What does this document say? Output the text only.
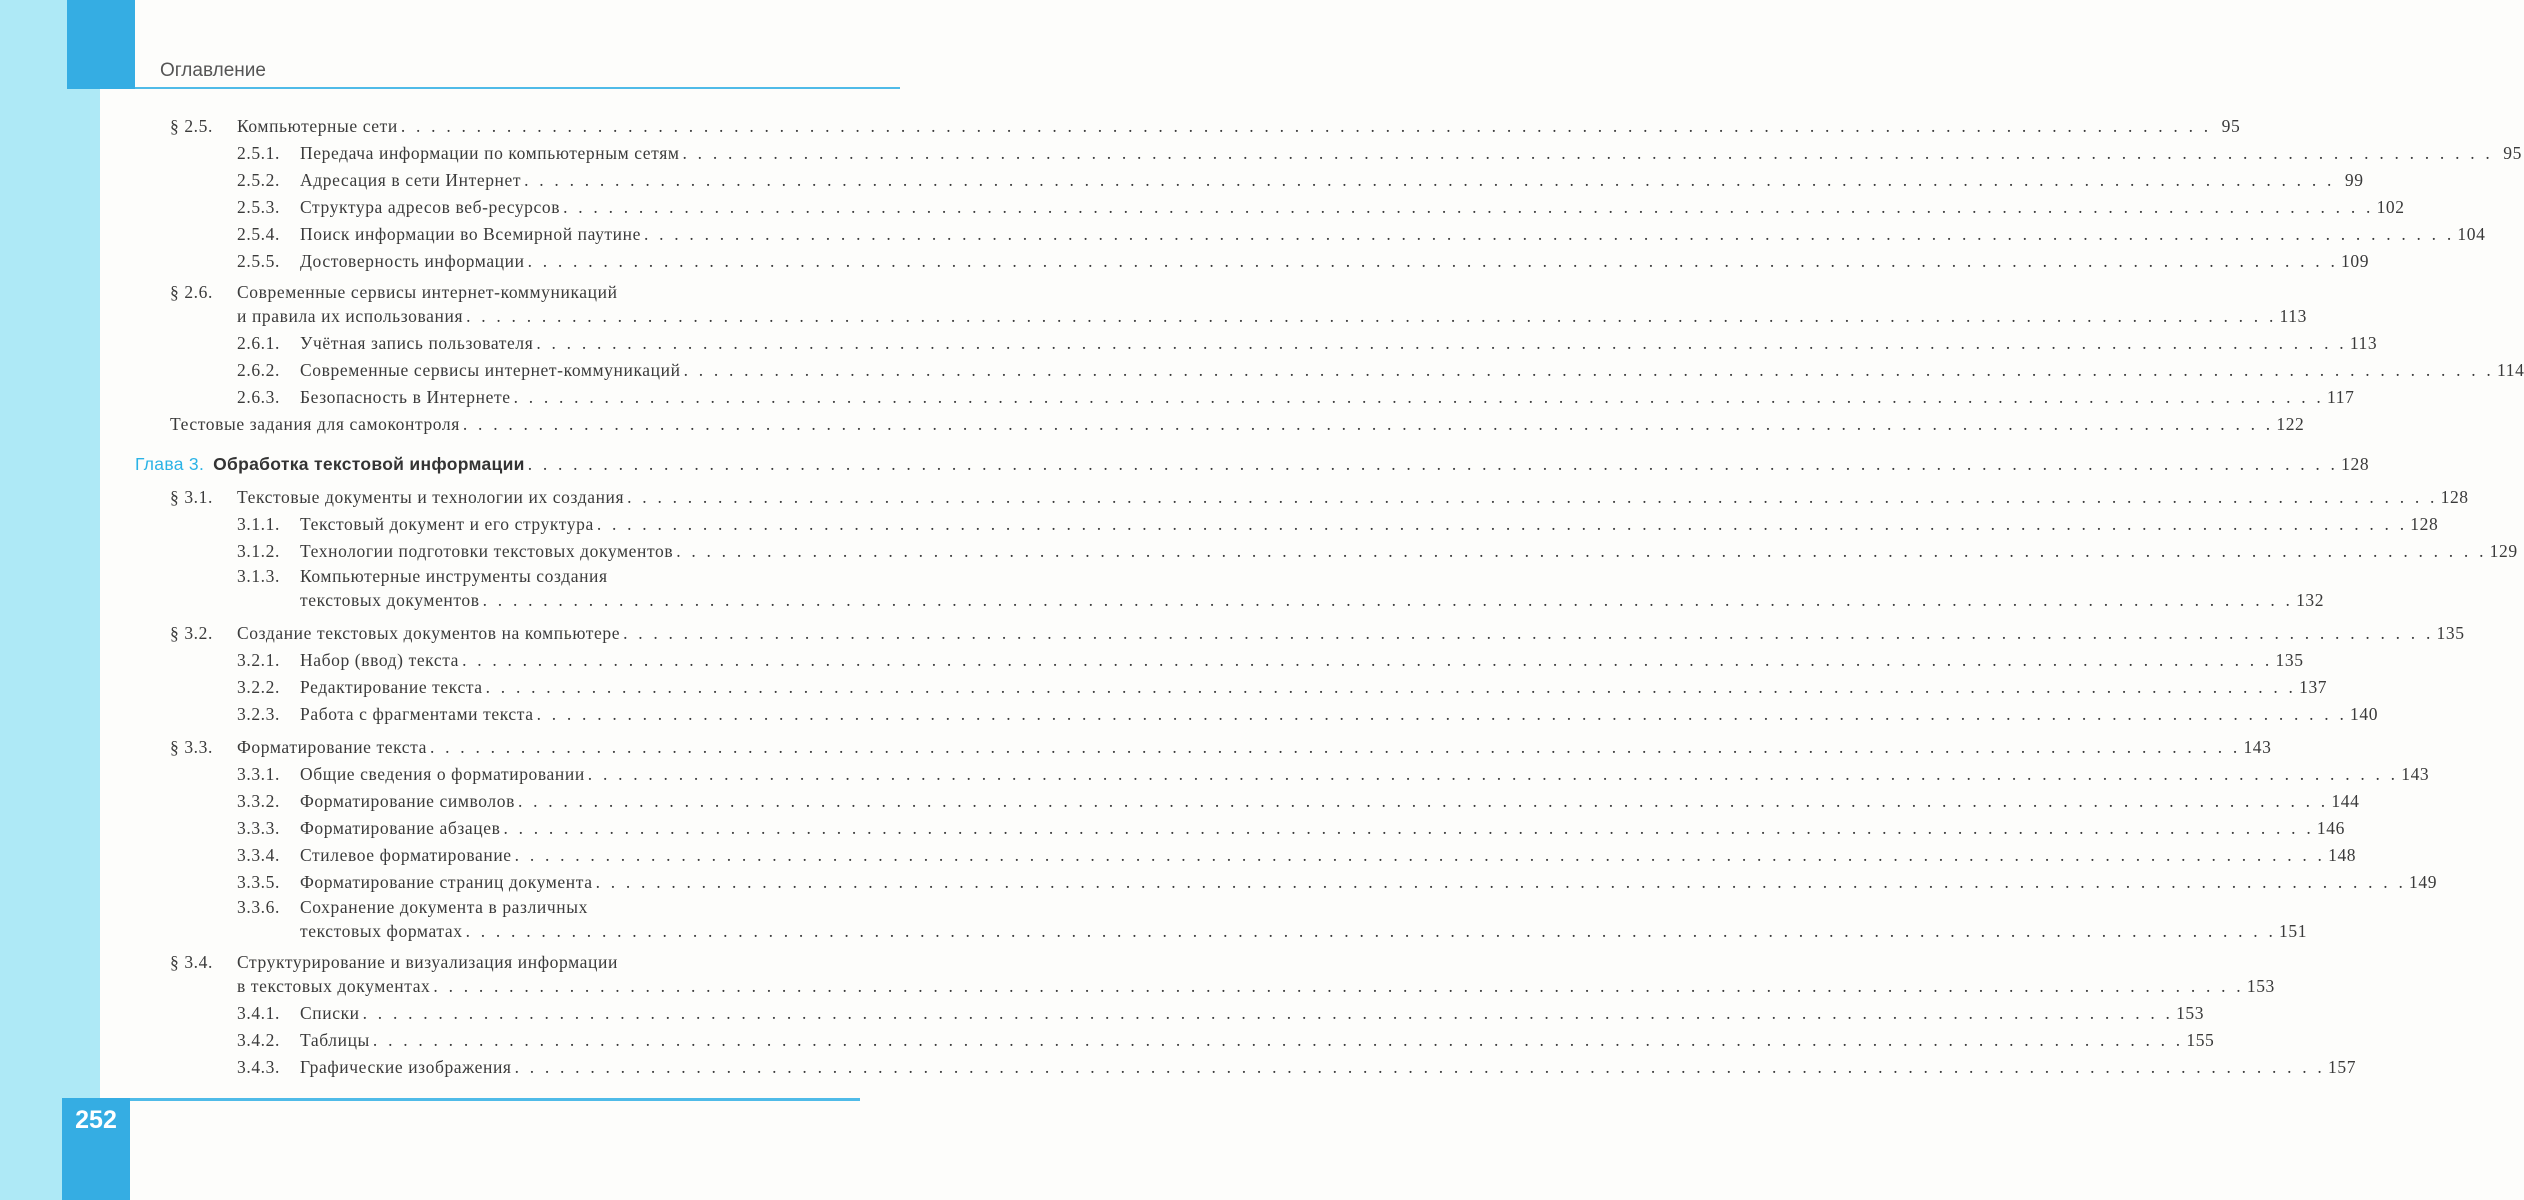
Оглавление
§ 2.5.	Компьютерные сети . . . . . . . . . . . . . . . . . . . . . . . . . . . . . . . . . . . . . . . . . . . . . . . . . . . . . . . . . . . . . . . . . . . . . . . . . . . . . . . . . . . . . . . . . . . . . . . . . . . . . . . . . . . . . . . . . . . . . . . . 95
2.5.1.	Передача информации по компьютерным сетям . . . . . . . . . . . . . . . . . . . . . . . . . . . . . . . . . . . . . . . . . . . . . . . . . . . . . . . . . . . . . . . . . . . . . . . . . . . . . . . . . . . . . . . . . . . . . . . . . . . . . . . . . . . . . . . . . . . . . . . . 95
2.5.2.	Адресация в сети Интернет . . . . . . . . . . . . . . . . . . . . . . . . . . . . . . . . . . . . . . . . . . . . . . . . . . . . . . . . . . . . . . . . . . . . . . . . . . . . . . . . . . . . . . . . . . . . . . . . . . . . . . . . . . . . . . . . . . . . . . . . 99
2.5.3.	Структура адресов веб-ресурсов . . . . . . . . . . . . . . . . . . . . . . . . . . . . . . . . . . . . . . . . . . . . . . . . . . . . . . . . . . . . . . . . . . . . . . . . . . . . . . . . . . . . . . . . . . . . . . . . . . . . . . . . . . . . . . . . . . . . . . . . 102
2.5.4.	Поиск информации во Всемирной паутине . . . . . . . . . . . . . . . . . . . . . . . . . . . . . . . . . . . . . . . . . . . . . . . . . . . . . . . . . . . . . . . . . . . . . . . . . . . . . . . . . . . . . . . . . . . . . . . . . . . . . . . . . . . . . . . . . . . . . . . . 104
2.5.5.	Достоверность информации . . . . . . . . . . . . . . . . . . . . . . . . . . . . . . . . . . . . . . . . . . . . . . . . . . . . . . . . . . . . . . . . . . . . . . . . . . . . . . . . . . . . . . . . . . . . . . . . . . . . . . . . . . . . . . . . . . . . . . . . 109
§ 2.6.	Современные сервисы интернет-коммуникаций
и правила их использования . . . . . . . . . . . . . . . . . . . . . . . . . . . . . . . . . . . . . . . . . . . . . . . . . . . . . . . . . . . . . . . . . . . . . . . . . . . . . . . . . . . . . . . . . . . . . . . . . . . . . . . . . . . . . . . . . . . . . . . . 113
2.6.1.	Учётная запись пользователя . . . . . . . . . . . . . . . . . . . . . . . . . . . . . . . . . . . . . . . . . . . . . . . . . . . . . . . . . . . . . . . . . . . . . . . . . . . . . . . . . . . . . . . . . . . . . . . . . . . . . . . . . . . . . . . . . . . . . . . . 113
2.6.2.	Современные сервисы интернет-коммуникаций . . . . . . . . . . . . . . . . . . . . . . . . . . . . . . . . . . . . . . . . . . . . . . . . . . . . . . . . . . . . . . . . . . . . . . . . . . . . . . . . . . . . . . . . . . . . . . . . . . . . . . . . . . . . . . . . . . . . . . . . 114
2.6.3.	Безопасность в Интернете . . . . . . . . . . . . . . . . . . . . . . . . . . . . . . . . . . . . . . . . . . . . . . . . . . . . . . . . . . . . . . . . . . . . . . . . . . . . . . . . . . . . . . . . . . . . . . . . . . . . . . . . . . . . . . . . . . . . . . . . 117
Тестовые задания для самоконтроля . . . . . . . . . . . . . . . . . . . . . . . . . . . . . . . . . . . . . . . . . . . . . . . . . . . . . . . . . . . . . . . . . . . . . . . . . . . . . . . . . . . . . . . . . . . . . . . . . . . . . . . . . . . . . . . . . . . . . . . . 122
Глава 3. Обработка текстовой информации . . . . . . . . . . . . . . . . . . . . . . . . . . . . . . . . . . . . . . . . . . . . . . . . . . . . . . . . . . . . . . . . . . . . . . . . . . . . . . . . . . . . . . . . . . . . . . . . . . . . . . . . . . . . . . . . . . . . . . . . 128
§ 3.1.	Текстовые документы и технологии их создания . . . . . . . . . . . . . . . . . . . . . . . . . . . . . . . . . . . . . . . . . . . . . . . . . . . . . . . . . . . . . . . . . . . . . . . . . . . . . . . . . . . . . . . . . . . . . . . . . . . . . . . . . . . . . . . . . . . . . . . . 128
3.1.1.	Текстовый документ и его структура . . . . . . . . . . . . . . . . . . . . . . . . . . . . . . . . . . . . . . . . . . . . . . . . . . . . . . . . . . . . . . . . . . . . . . . . . . . . . . . . . . . . . . . . . . . . . . . . . . . . . . . . . . . . . . . . . . . . . . . . 128
3.1.2.	Технологии подготовки текстовых документов . . . . . . . . . . . . . . . . . . . . . . . . . . . . . . . . . . . . . . . . . . . . . . . . . . . . . . . . . . . . . . . . . . . . . . . . . . . . . . . . . . . . . . . . . . . . . . . . . . . . . . . . . . . . . . . . . . . . . . . . 129
3.1.3.	Компьютерные инструменты создания
текстовых документов . . . . . . . . . . . . . . . . . . . . . . . . . . . . . . . . . . . . . . . . . . . . . . . . . . . . . . . . . . . . . . . . . . . . . . . . . . . . . . . . . . . . . . . . . . . . . . . . . . . . . . . . . . . . . . . . . . . . . . . . 132
§ 3.2.	Создание текстовых документов на компьютере . . . . . . . . . . . . . . . . . . . . . . . . . . . . . . . . . . . . . . . . . . . . . . . . . . . . . . . . . . . . . . . . . . . . . . . . . . . . . . . . . . . . . . . . . . . . . . . . . . . . . . . . . . . . . . . . . . . . . . . . 135
3.2.1.	Набор (ввод) текста . . . . . . . . . . . . . . . . . . . . . . . . . . . . . . . . . . . . . . . . . . . . . . . . . . . . . . . . . . . . . . . . . . . . . . . . . . . . . . . . . . . . . . . . . . . . . . . . . . . . . . . . . . . . . . . . . . . . . . . . 135
3.2.2.	Редактирование текста . . . . . . . . . . . . . . . . . . . . . . . . . . . . . . . . . . . . . . . . . . . . . . . . . . . . . . . . . . . . . . . . . . . . . . . . . . . . . . . . . . . . . . . . . . . . . . . . . . . . . . . . . . . . . . . . . . . . . . . . 137
3.2.3.	Работа с фрагментами текста . . . . . . . . . . . . . . . . . . . . . . . . . . . . . . . . . . . . . . . . . . . . . . . . . . . . . . . . . . . . . . . . . . . . . . . . . . . . . . . . . . . . . . . . . . . . . . . . . . . . . . . . . . . . . . . . . . . . . . . . 140
§ 3.3.	Форматирование текста . . . . . . . . . . . . . . . . . . . . . . . . . . . . . . . . . . . . . . . . . . . . . . . . . . . . . . . . . . . . . . . . . . . . . . . . . . . . . . . . . . . . . . . . . . . . . . . . . . . . . . . . . . . . . . . . . . . . . . . . 143
3.3.1.	Общие сведения о форматировании . . . . . . . . . . . . . . . . . . . . . . . . . . . . . . . . . . . . . . . . . . . . . . . . . . . . . . . . . . . . . . . . . . . . . . . . . . . . . . . . . . . . . . . . . . . . . . . . . . . . . . . . . . . . . . . . . . . . . . . . 143
3.3.2.	Форматирование символов . . . . . . . . . . . . . . . . . . . . . . . . . . . . . . . . . . . . . . . . . . . . . . . . . . . . . . . . . . . . . . . . . . . . . . . . . . . . . . . . . . . . . . . . . . . . . . . . . . . . . . . . . . . . . . . . . . . . . . . . 144
3.3.3.	Форматирование абзацев . . . . . . . . . . . . . . . . . . . . . . . . . . . . . . . . . . . . . . . . . . . . . . . . . . . . . . . . . . . . . . . . . . . . . . . . . . . . . . . . . . . . . . . . . . . . . . . . . . . . . . . . . . . . . . . . . . . . . . . . 146
3.3.4.	Стилевое форматирование . . . . . . . . . . . . . . . . . . . . . . . . . . . . . . . . . . . . . . . . . . . . . . . . . . . . . . . . . . . . . . . . . . . . . . . . . . . . . . . . . . . . . . . . . . . . . . . . . . . . . . . . . . . . . . . . . . . . . . . . 148
3.3.5.	Форматирование страниц документа . . . . . . . . . . . . . . . . . . . . . . . . . . . . . . . . . . . . . . . . . . . . . . . . . . . . . . . . . . . . . . . . . . . . . . . . . . . . . . . . . . . . . . . . . . . . . . . . . . . . . . . . . . . . . . . . . . . . . . . . 149
3.3.6.	Сохранение документа в различных
текстовых форматах . . . . . . . . . . . . . . . . . . . . . . . . . . . . . . . . . . . . . . . . . . . . . . . . . . . . . . . . . . . . . . . . . . . . . . . . . . . . . . . . . . . . . . . . . . . . . . . . . . . . . . . . . . . . . . . . . . . . . . . . 151
§ 3.4.	Структурирование и визуализация информации
в текстовых документах . . . . . . . . . . . . . . . . . . . . . . . . . . . . . . . . . . . . . . . . . . . . . . . . . . . . . . . . . . . . . . . . . . . . . . . . . . . . . . . . . . . . . . . . . . . . . . . . . . . . . . . . . . . . . . . . . . . . . . . . 153
3.4.1.	Списки . . . . . . . . . . . . . . . . . . . . . . . . . . . . . . . . . . . . . . . . . . . . . . . . . . . . . . . . . . . . . . . . . . . . . . . . . . . . . . . . . . . . . . . . . . . . . . . . . . . . . . . . . . . . . . . . . . . . . . . . 153
3.4.2.	Таблицы . . . . . . . . . . . . . . . . . . . . . . . . . . . . . . . . . . . . . . . . . . . . . . . . . . . . . . . . . . . . . . . . . . . . . . . . . . . . . . . . . . . . . . . . . . . . . . . . . . . . . . . . . . . . . . . . . . . . . . . . 155
3.4.3.	Графические изображения . . . . . . . . . . . . . . . . . . . . . . . . . . . . . . . . . . . . . . . . . . . . . . . . . . . . . . . . . . . . . . . . . . . . . . . . . . . . . . . . . . . . . . . . . . . . . . . . . . . . . . . . . . . . . . . . . . . . . . . . 157
252
